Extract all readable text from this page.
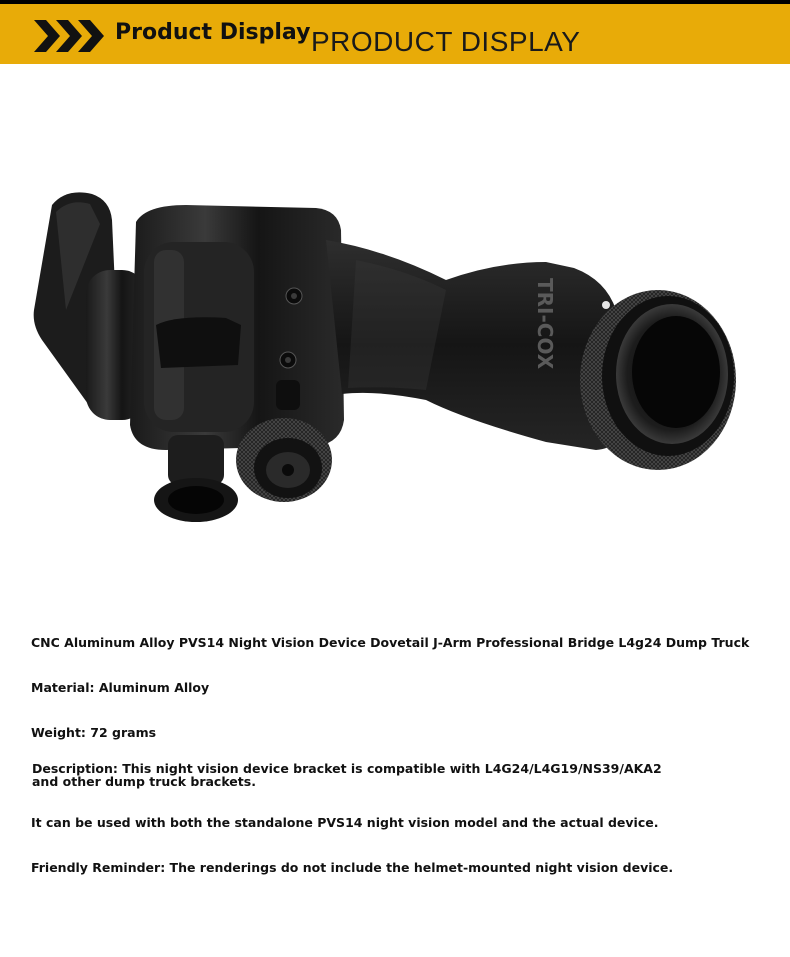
Product Display PRODUCT DISPLAY
TRI-COX
CNC Aluminum Alloy PVS14 Night Vision Device Dovetail J-Arm Professional Bridge L4g24 Dump Truck
Material: Aluminum Alloy
Weight: 72 grams
Description: This night vision device bracket is compatible with L4G24/L4G19/NS39/AKA2 and other dump truck brackets.
It can be used with both the standalone PVS14 night vision model and the actual device.
Friendly Reminder: The renderings do not include the helmet-mounted night vision device.
